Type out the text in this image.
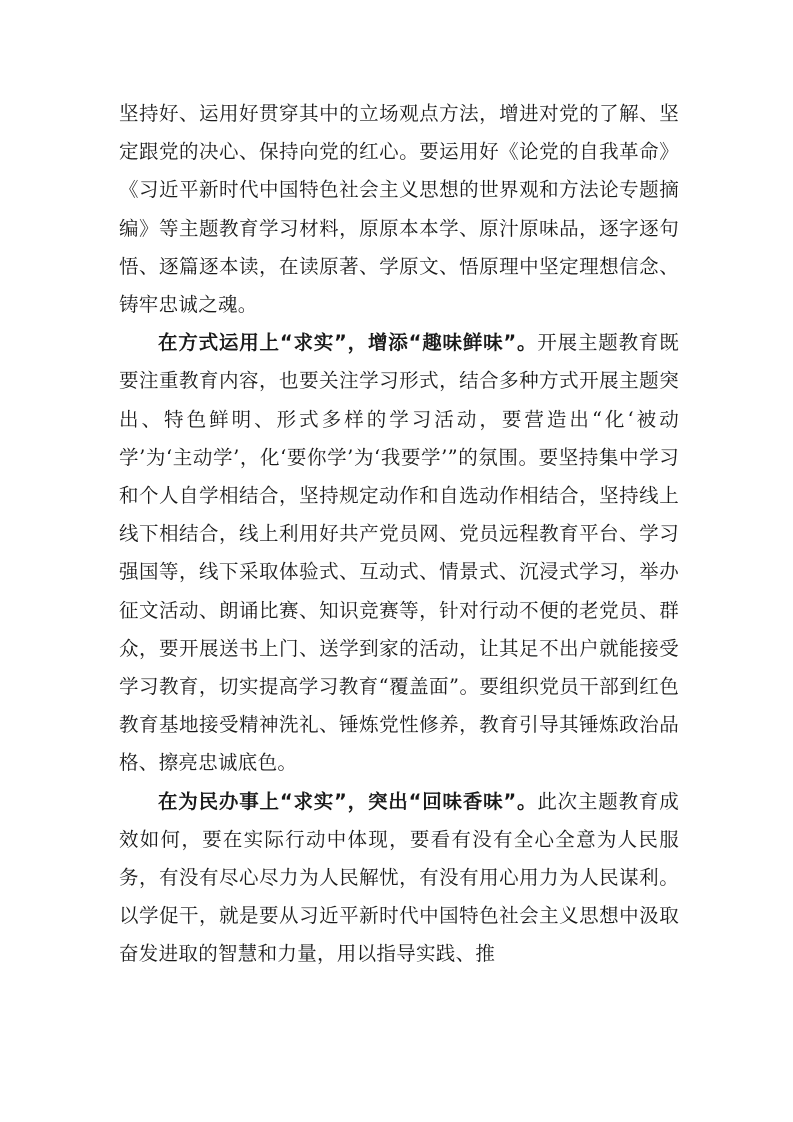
坚持好、运用好贯穿其中的立场观点方法，增进对党的了解、坚定跟党的决心、保持向党的红心。要运用好《论党的自我革命》《习近平新时代中国特色社会主义思想的世界观和方法论专题摘编》等主题教育学习材料，原原本本学、原汁原味品，逐字逐句悟、逐篇逐本读，在读原著、学原文、悟原理中坚定理想信念、铸牢忠诚之魂。

在方式运用上“求实”，增添“趣味鲜味”。开展主题教育既要注重教育内容，也要关注学习形式，结合多种方式开展主题突出、特色鲜明、形式多样的学习活动，要营造出“化‘被动学’为‘主动学’，化‘要你学’为‘我要学’”的氛围。要坚持集中学习和个人自学相结合，坚持规定动作和自选动作相结合，坚持线上线下相结合，线上利用好共产党员网、党员远程教育平台、学习强国等，线下采取体验式、互动式、情景式、沉浸式学习，举办征文活动、朗诵比赛、知识竞赛等，针对行动不便的老党员、群众，要开展送书上门、送学到家的活动，让其足不出户就能接受学习教育，切实提高学习教育“覆盖面”。要组织党员干部到红色教育基地接受精神洗礼、锤炼党性修养，教育引导其锤炼政治品格、擦亮忠诚底色。

在为民办事上“求实”，突出“回味香味”。此次主题教育成效如何，要在实际行动中体现，要看有没有全心全意为人民服务，有没有尽心尽力为人民解忧，有没有用心用力为人民谋利。以学促干，就是要从习近平新时代中国特色社会主义思想中汲取奋发进取的智慧和力量，用以指导实践、推
